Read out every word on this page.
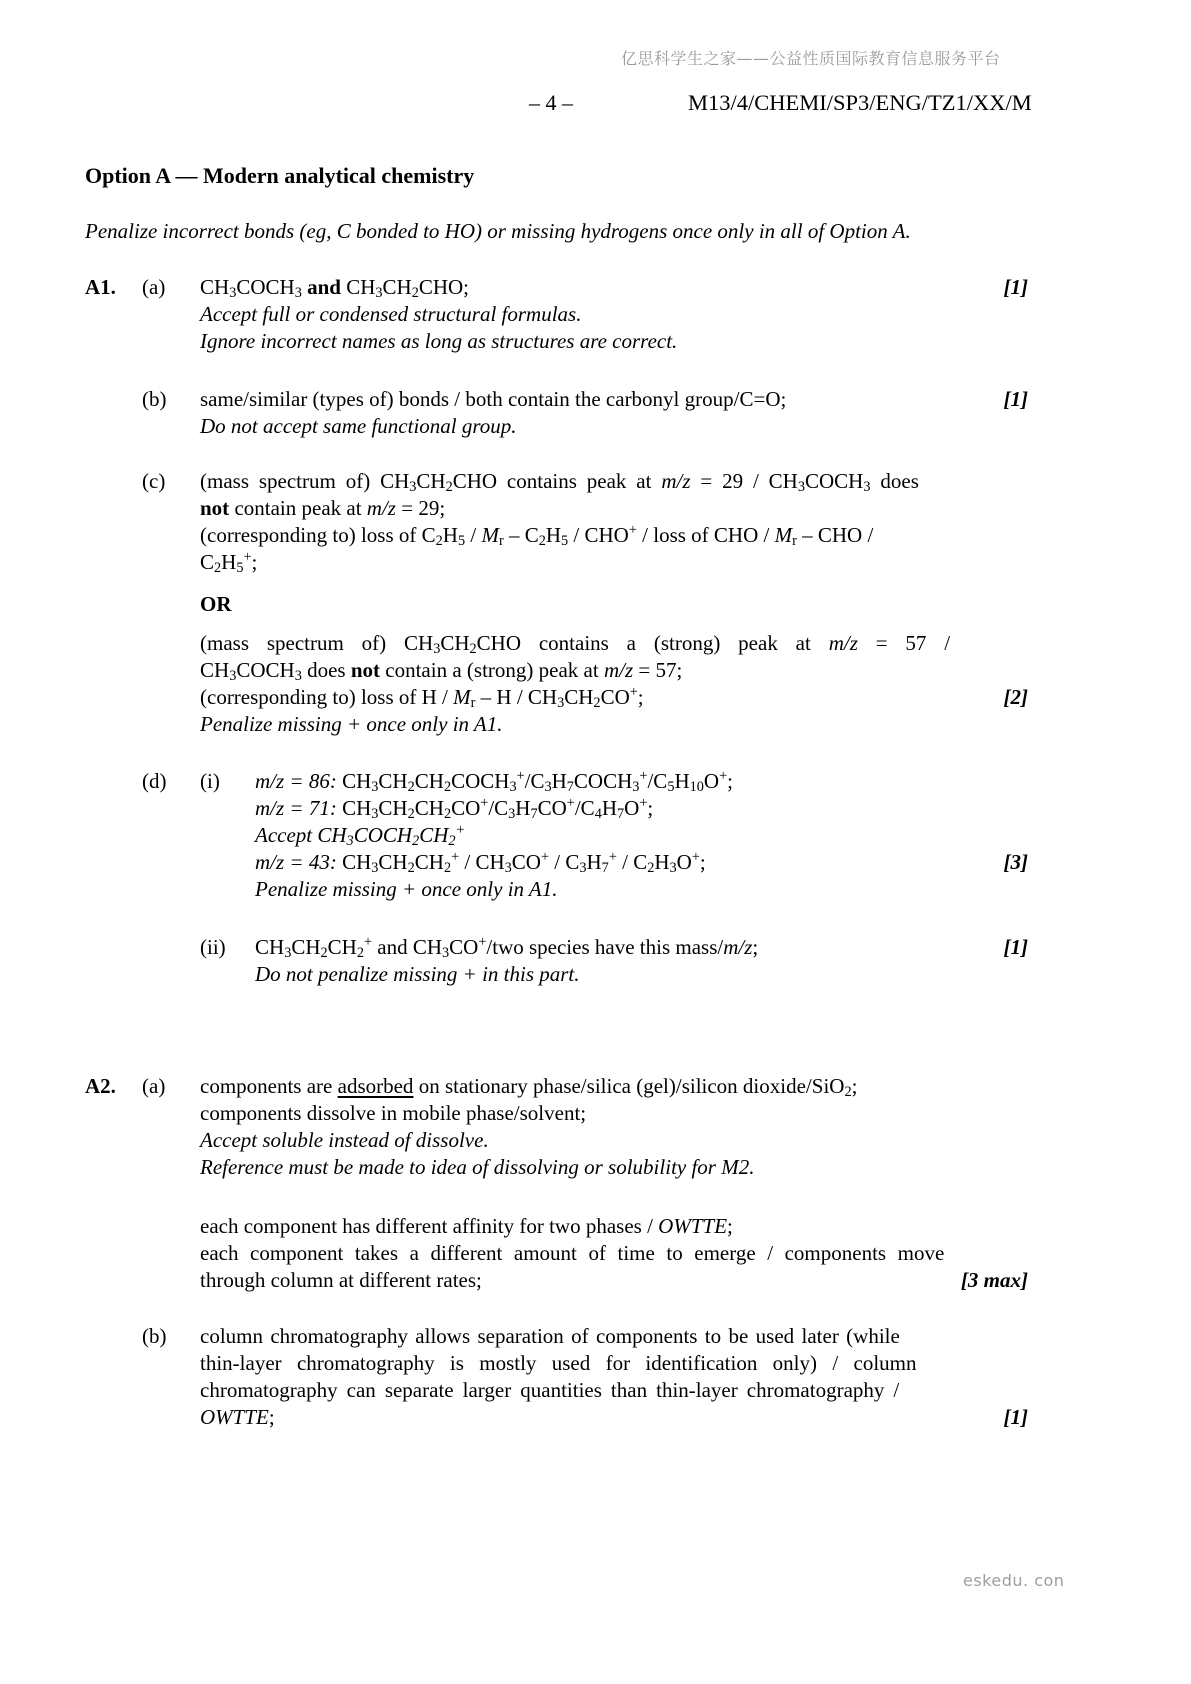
亿思科学生之家——公益性质国际教育信息服务平台
– 4 –	M13/4/CHEMI/SP3/ENG/TZ1/XX/M
Option A — Modern analytical chemistry
Penalize incorrect bonds (eg, C bonded to HO) or missing hydrogens once only in all of Option A.
A1.	(a)	$CH_3COCH_3$ and $CH_3CH_2CHO$;	[1]
Accept full or condensed structural formulas.
Ignore incorrect names as long as structures are correct.
(b)	same/similar (types of) bonds / both contain the carbonyl group/C=O;	[1]
Do not accept same functional group.
(c)	(mass spectrum of) $CH_3CH_2CHO$ contains peak at $m/z = 29 / CH_3COCH_3$ does
not contain peak at m/z = 29;
(corresponding to) loss of $C_2H_5 / M_r - C_2H_5 / CHO^+$ / loss of CHO / $M_r$ – CHO /
$C_2H_5^+$;
OR
(mass spectrum of) $CH_3CH_2CHO$ contains a (strong) peak at m/z = 57 /
$CH_3COCH_3$ does not contain a (strong) peak at m/z = 57;
(corresponding to) loss of H / $M_r$ – H / $CH_3CH_2CO^+$;	[2]
Penalize missing + once only in A1.
(d)	(i)	m/z = 86: $CH_3CH_2CH_2COCH_3^+/C_3H_7COCH_3^+/C_5H_{10}O^+$;
m/z = 71: $CH_3CH_2CH_2CO^+/C_3H_7CO^+/C_4H_7O^+$;
Accept $CH_3COCH_2CH_2^+$
m/z = 43: $CH_3CH_2CH_2^+ / CH_3CO^+ / C_3H_7^+ / C_2H_3O^+$;	[3]
Penalize missing + once only in A1.
(ii)	$CH_3CH_2CH_2^+$ and $CH_3CO^+$/two species have this mass/m/z;	[1]
Do not penalize missing + in this part.
A2.	(a)	components are adsorbed on stationary phase/silica (gel)/silicon dioxide/SiO$_2$;
components dissolve in mobile phase/solvent;
Accept soluble instead of dissolve.
Reference must be made to idea of dissolving or solubility for M2.
each component has different affinity for two phases / OWTTE;
each component takes a different amount of time to emerge / components move
through column at different rates;	[3 max]
(b)	column chromatography allows separation of components to be used later (while
thin-layer chromatography is mostly used for identification only) / column
chromatography can separate larger quantities than thin-layer chromatography /
OWTTE;	[1]
eskedu. con
